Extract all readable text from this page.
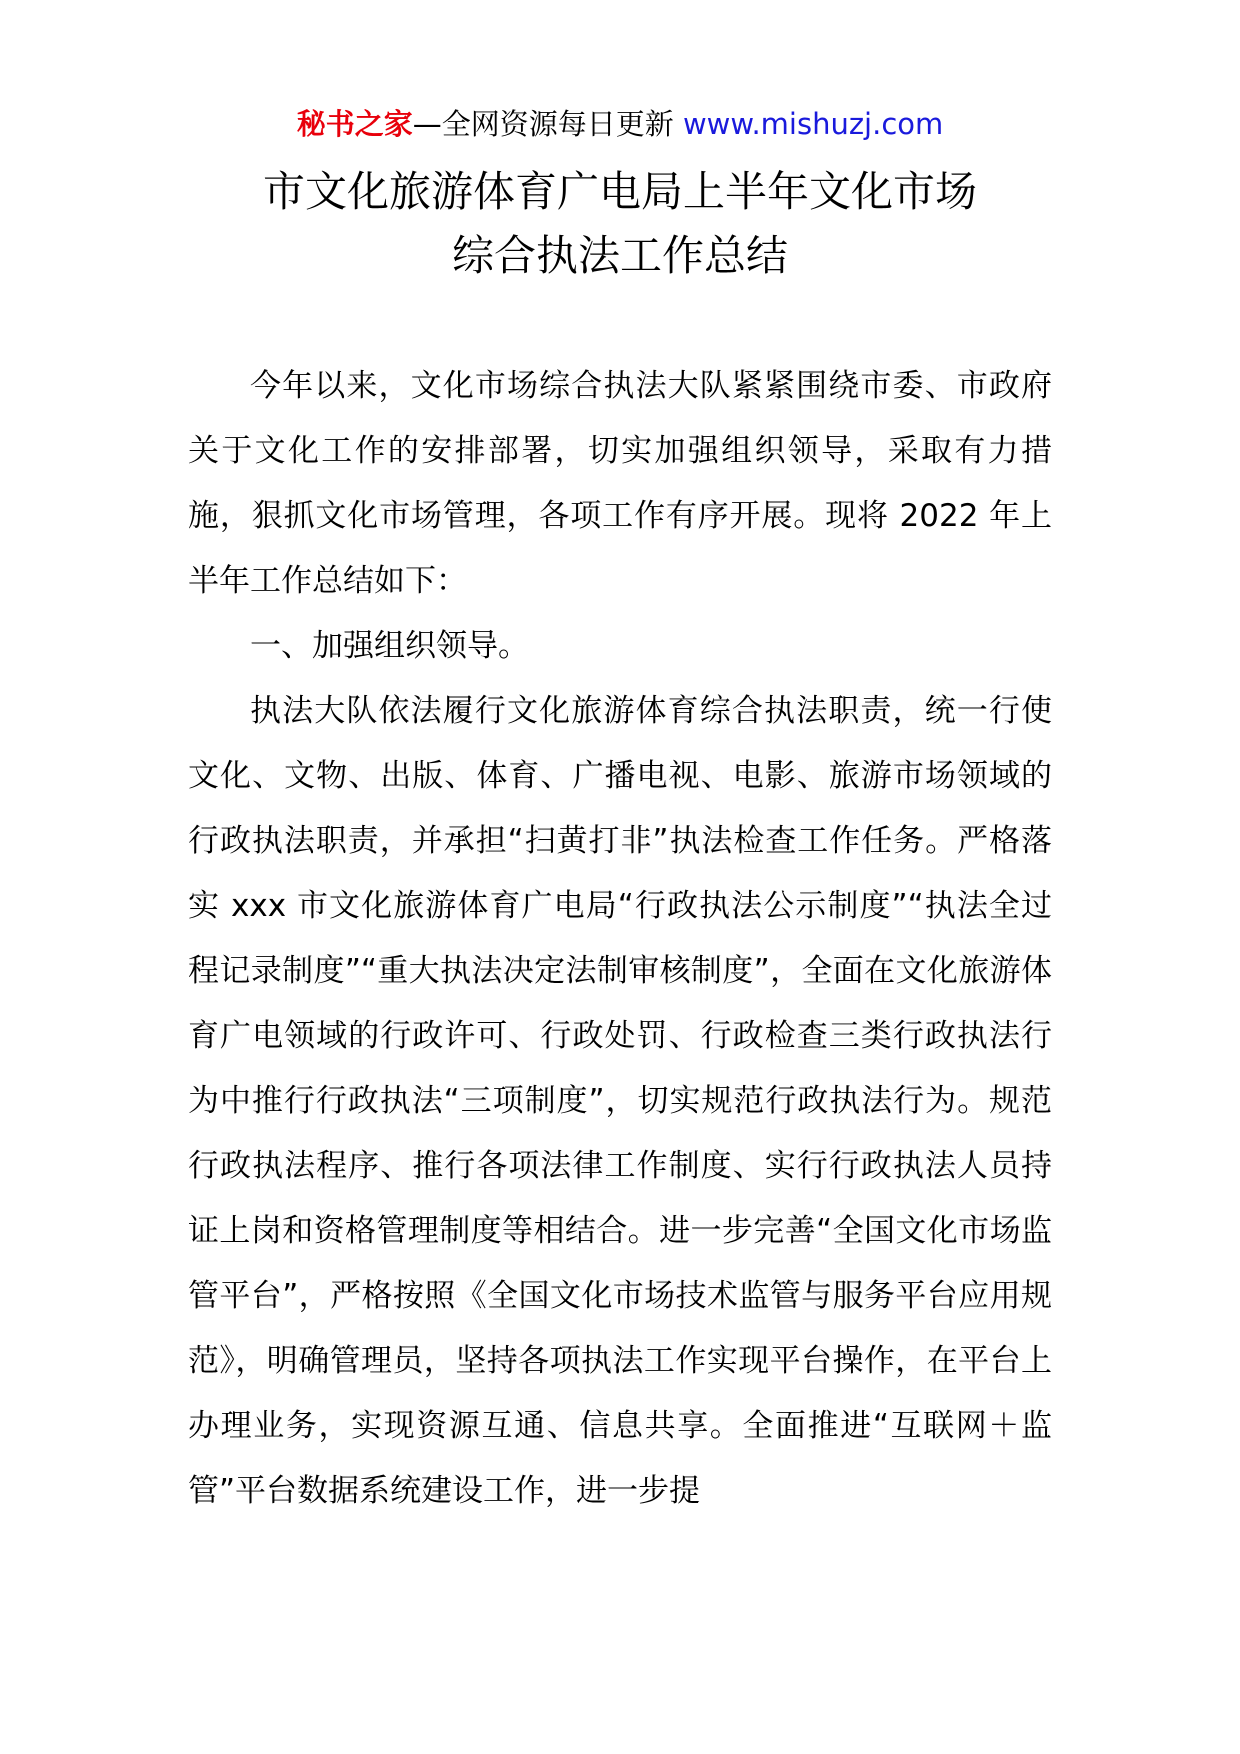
秘书之家—全网资源每日更新 www.mishuzj.com
市文化旅游体育广电局上半年文化市场
综合执法工作总结

今年以来，文化市场综合执法大队紧紧围绕市委、市政府关于文化工作的安排部署，切实加强组织领导，采取有力措施，狠抓文化市场管理，各项工作有序开展。现将 2022 年上半年工作总结如下：

一、加强组织领导。

执法大队依法履行文化旅游体育综合执法职责，统一行使文化、文物、出版、体育、广播电视、电影、旅游市场领域的行政执法职责，并承担“扫黄打非”执法检查工作任务。严格落实 xxx 市文化旅游体育广电局“行政执法公示制度”“执法全过程记录制度”“重大执法决定法制审核制度”，全面在文化旅游体育广电领域的行政许可、行政处罚、行政检查三类行政执法行为中推行行政执法“三项制度”，切实规范行政执法行为。规范行政执法程序、推行各项法律工作制度、实行行政执法人员持证上岗和资格管理制度等相结合。进一步完善“全国文化市场监管平台”，严格按照《全国文化市场技术监管与服务平台应用规范》，明确管理员，坚持各项执法工作实现平台操作，在平台上办理业务，实现资源互通、信息共享。全面推进“互联网＋监管”平台数据系统建设工作，进一步提
